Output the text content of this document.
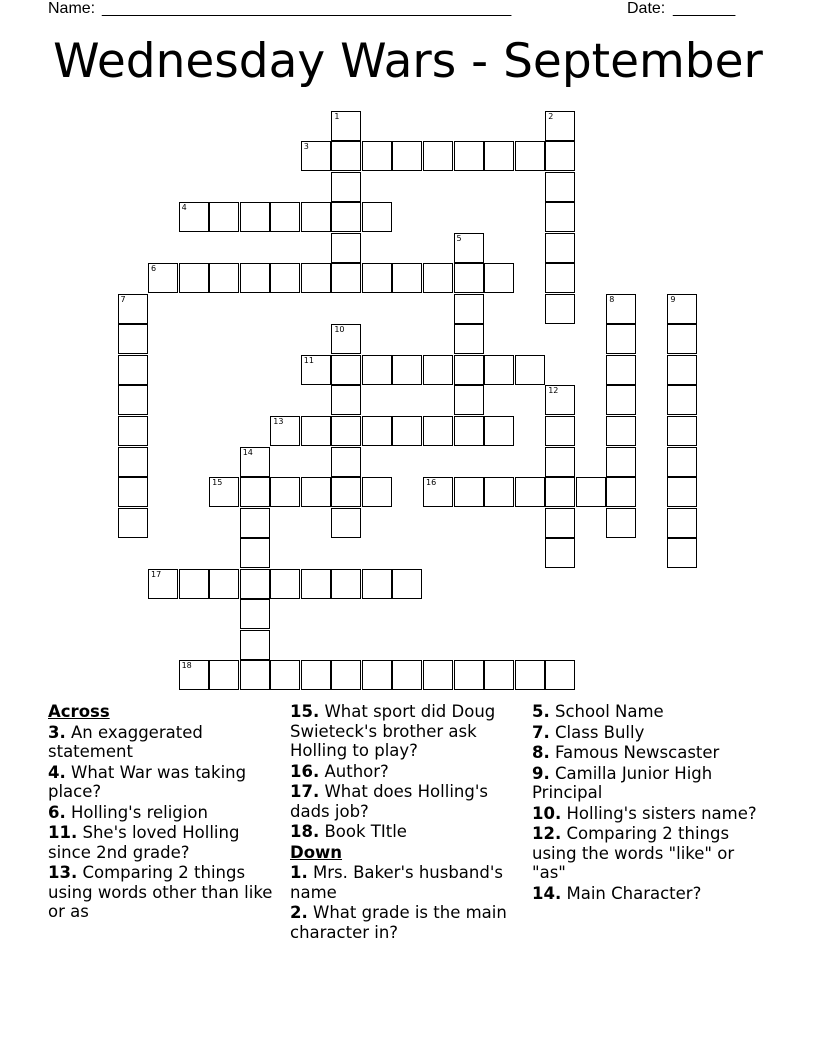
Name: ______________________________________________	Date: _______
Wednesday Wars - September
1	2
3
4
5
6
7	8	9
10
11
12
13
14
15	16
17
18
Across
3. An exaggerated statement
4. What War was taking place?
6. Holling's religion
11. She's loved Holling since 2nd grade?
13. Comparing 2 things using words other than like or as
15. What sport did Doug Swieteck's brother ask Holling to play?
16. Author?
17. What does Holling's dads job?
18. Book TItle
Down
1. Mrs. Baker's husband's name
2. What grade is the main character in?
5. School Name
7. Class Bully
8. Famous Newscaster
9. Camilla Junior High Principal
10. Holling's sisters name?
12. Comparing 2 things using the words "like" or "as"
14. Main Character?
